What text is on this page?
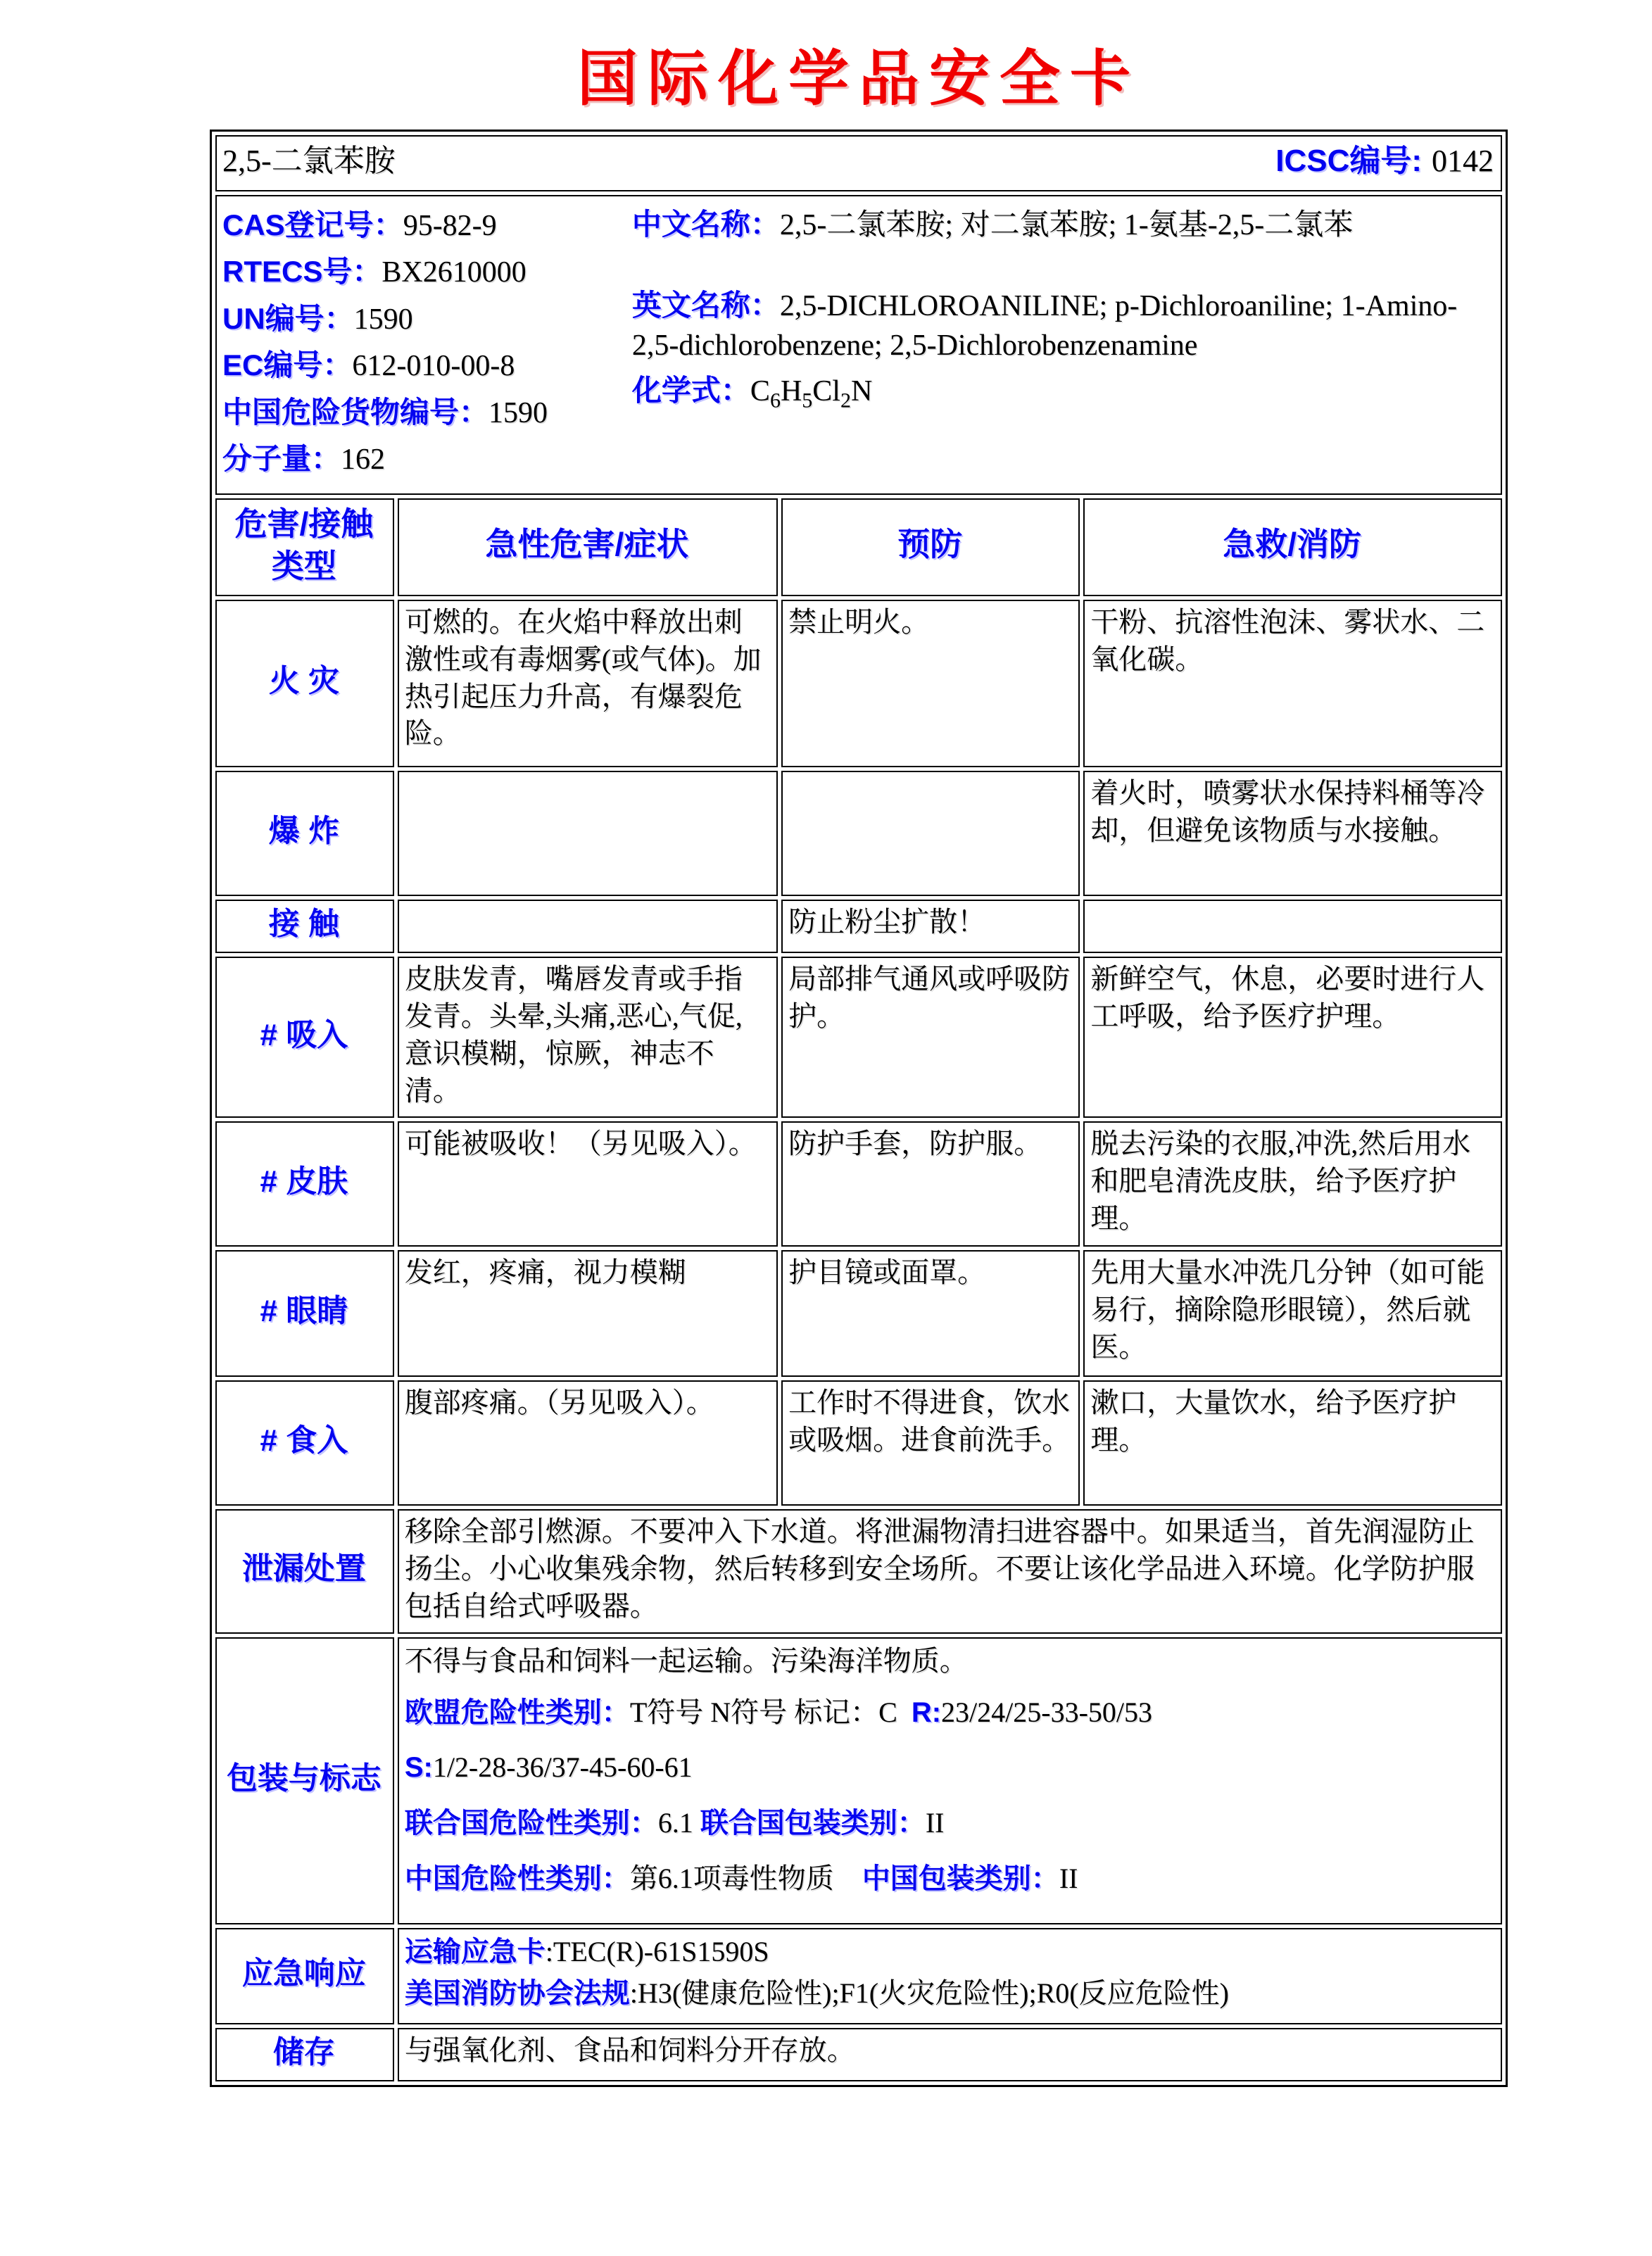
国际化学品安全卡
2,5-二氯苯胺 ICSC编号: 0142			

CAS登记号：95-82-9
RTECS号：BX2610000
UN编号：1590
EC编号：612-010-00-8
中国危险货物编号：1590
分子量：162

中文名称：2,5-二氯苯胺; 对二氯苯胺; 1-氨基-2,5-二氯苯

英文名称：2,5-DICHLOROANILINE; p-Dichloroaniline; 1-Amino-2,5-dichlorobenzene; 2,5-Dichlorobenzenamine

化学式：$C_6H_5Cl_2N$

危害/接触
类型	急性危害/症状	预防	急救/消防
火 灾	可燃的。在火焰中释放出刺激性或有毒烟雾(或气体)。加热引起压力升高，有爆裂危险。	禁止明火。	干粉、抗溶性泡沫、雾状水、二氧化碳。
爆 炸			着火时，喷雾状水保持料桶等冷却，但避免该物质与水接触。
接 触		防止粉尘扩散！	
# 吸入	皮肤发青，嘴唇发青或手指发青。头晕,头痛,恶心,气促,意识模糊，惊厥，神志不清。	局部排气通风或呼吸防护。	新鲜空气，休息，必要时进行人工呼吸，给予医疗护理。
# 皮肤	可能被吸收！（另见吸入）。	防护手套，防护服。	脱去污染的衣服,冲洗,然后用水和肥皂清洗皮肤，给予医疗护理。
# 眼睛	发红，疼痛，视力模糊	护目镜或面罩。	先用大量水冲洗几分钟（如可能易行，摘除隐形眼镜），然后就医。
# 食入	腹部疼痛。（另见吸入）。	工作时不得进食，饮水或吸烟。进食前洗手。	漱口，大量饮水，给予医疗护理。
泄漏处置	移除全部引燃源。不要冲入下水道。将泄漏物清扫进容器中。如果适当，首先润湿防止扬尘。小心收集残余物，然后转移到安全场所。不要让该化学品进入环境。化学防护服包括自给式呼吸器。		
包装与标志	不得与食品和饲料一起运输。污染海洋物质。
欧盟危险性类别：T符号 N符号 标记：C  R:23/24/25-33-50/53
S:1/2-28-36/37-45-60-61
联合国危险性类别：6.1 联合国包装类别：II
中国危险性类别：第6.1项毒性物质　中国包装类别：II		

应急响应	运输应急卡:TEC(R)-61S1590S
美国消防协会法规:H3(健康危险性);F1(火灾危险性);R0(反应危险性)		

储存	与强氧化剂、食品和饲料分开存放。		
